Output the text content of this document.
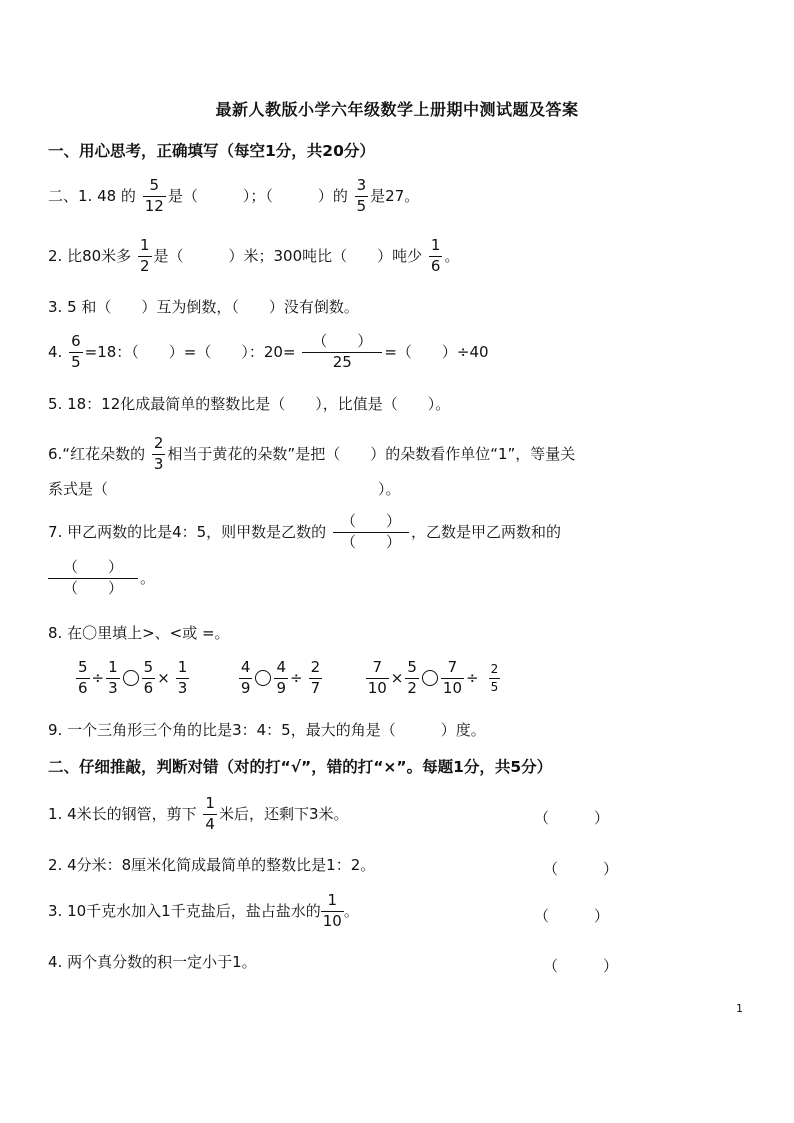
最新人教版小学六年级数学上册期中测试题及答案
一、用心思考，正确填写（每空1分，共20分）
二、1. 48 的 $\frac{5}{12}$ 是（　　　）；（　　　）的 $\frac{3}{5}$ 是27。
2. 比80米多 $\frac{1}{2}$ 是（　　　）米；300吨比（　　）吨少 $\frac{1}{6}$ 。
3. 5 和（　　）互为倒数，（　　）没有倒数。
4. $\frac{6}{5} =18$：（　　）=（　　）：$20= \frac{( )}{25}$ =（　　）÷40
5. 18：12化成最简单的整数比是（　　），比值是（　　）。
6.“红花朵数的 $\frac{2}{3}$ 相当于黄花的朵数”是把（　　）的朵数看作单位“1”，等量关
系式是（　　　　　　　　　　　　　　　　　　）。
7. 甲乙两数的比是4：5，则甲数是乙数的 $\frac{( )}{( )}$ ，乙数是甲乙两数和的
$\frac{( )}{( )}$ 。
8. 在〇里填上>、<或 =。
$\frac{5}{6} \div \frac{1}{3} \frac{5}{6} \times \frac{1}{3}$
	$\frac{4}{9} \frac{4}{9} \div \frac{2}{7}$
	$\frac{7}{10} \times \frac{5}{2} \frac{7}{10} \div \frac{2}{5}$
9. 一个三角形三个角的比是3：4：5，最大的角是（　　　）度。
二、仔细推敲，判断对错（对的打“√”，错的打“×”。每题1分，共5分）
1. 4米长的钢管，剪下 $\frac{1}{4}$ 米后，还剩下3米。	（　　　）
2. 4分米：8厘米化简成最简单的整数比是1：2。	（　　　）
3. 10千克水加入1千克盐后，盐占盐水的 $\frac{1}{10}$ 。	（　　　）
4. 两个真分数的积一定小于1。	（　　　）
1
